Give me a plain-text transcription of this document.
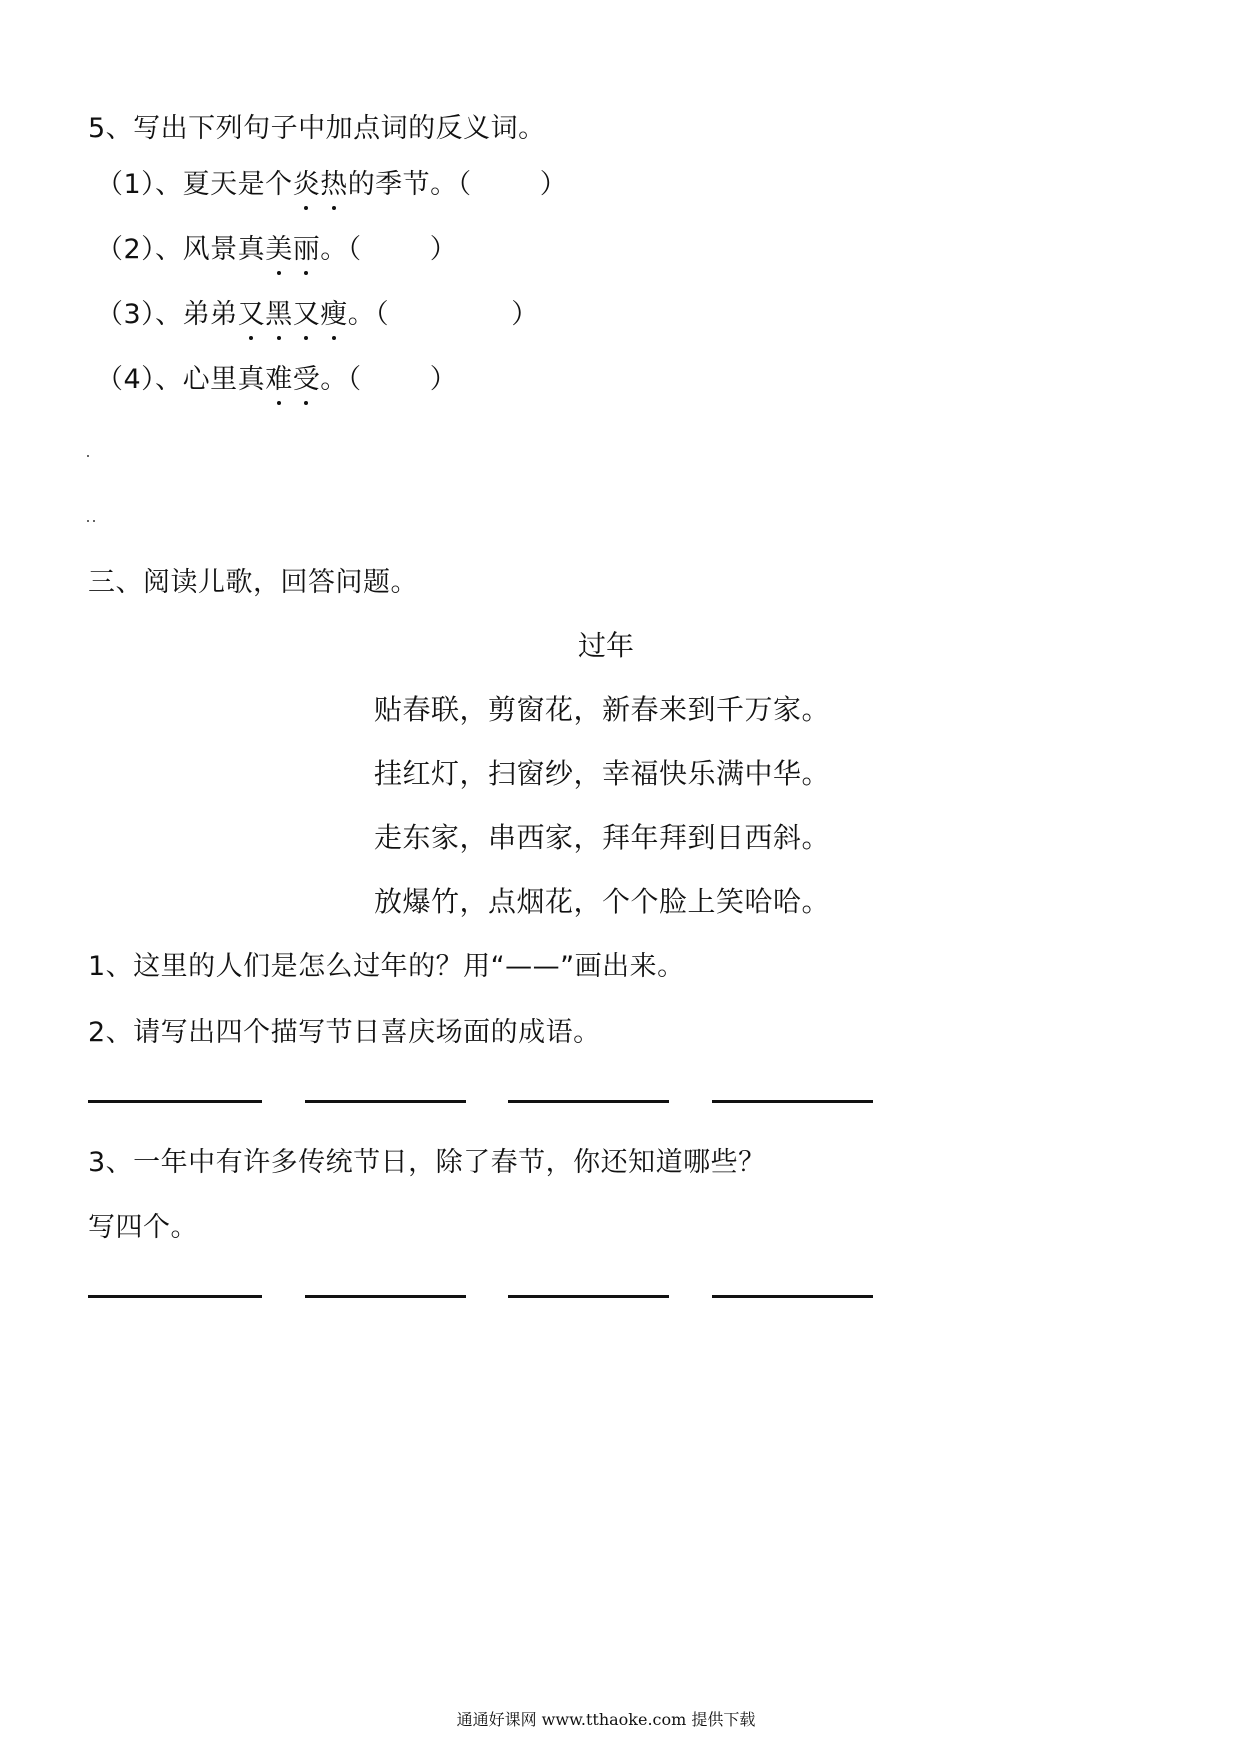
5、写出下列句子中加点词的反义词。
（1）、夏天是个炎热的季节。（	）
（2）、风景真美丽。（	）
（3）、弟弟又黑又瘦。（	）
（4）、心里真难受。（	）
三、阅读儿歌，回答问题。
过年
贴春联，剪窗花，新春来到千万家。
挂红灯，扫窗纱，幸福快乐满中华。
走东家，串西家，拜年拜到日西斜。
放爆竹，点烟花，个个脸上笑哈哈。
1、这里的人们是怎么过年的？用“——”画出来。
2、请写出四个描写节日喜庆场面的成语。
3、一年中有许多传统节日，除了春节，你还知道哪些？
写四个。
通通好课网 www.tthaoke.com 提供下载
